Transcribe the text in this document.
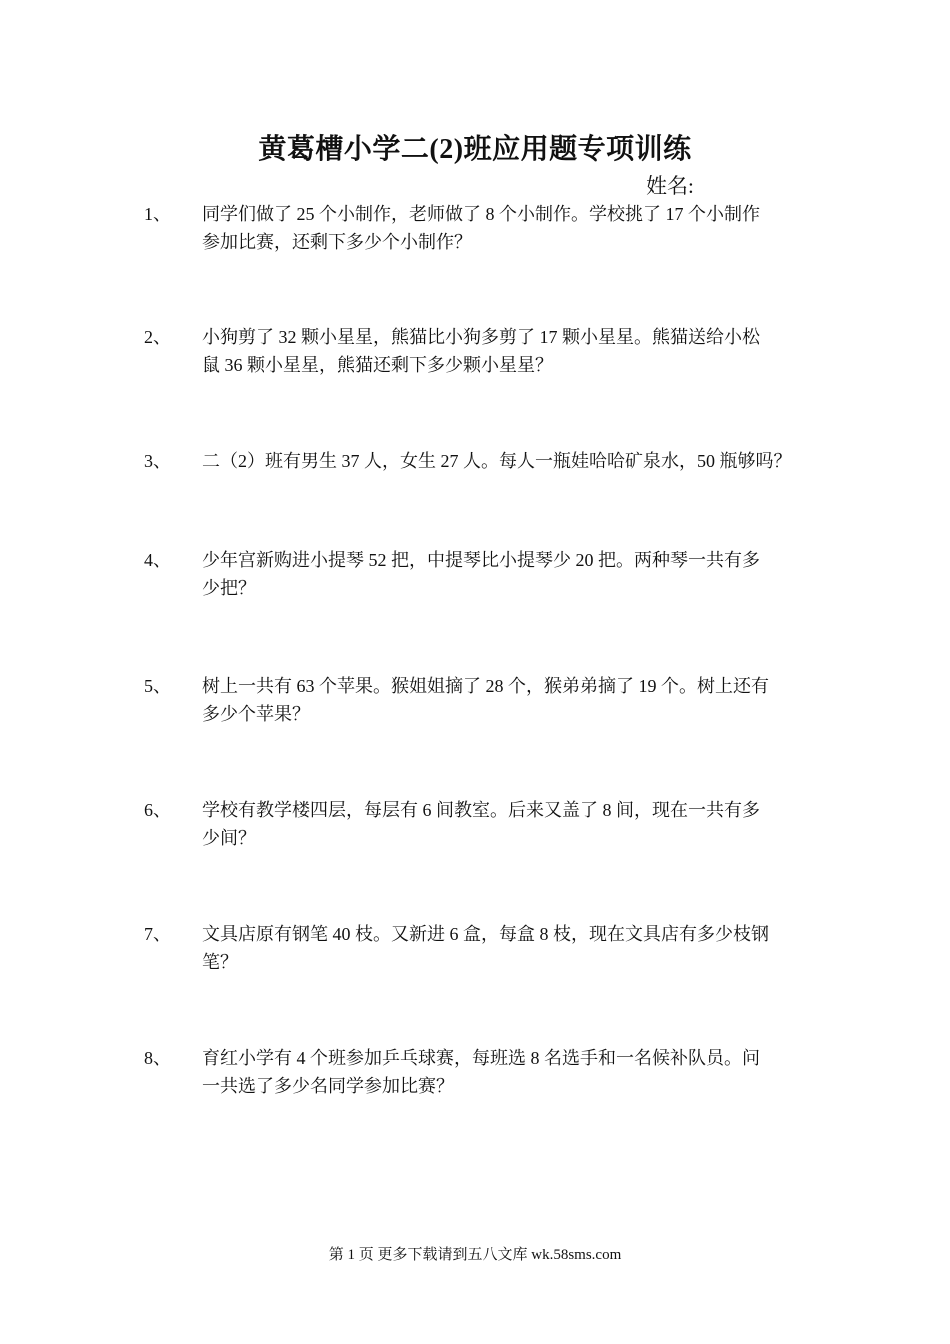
黄葛槽小学二(2)班应用题专项训练
姓名:
1、 同学们做了 25 个小制作，老师做了 8 个小制作。学校挑了 17 个小制作
参加比赛，还剩下多少个小制作？

2、 小狗剪了 32 颗小星星，熊猫比小狗多剪了 17 颗小星星。熊猫送给小松
鼠 36 颗小星星，熊猫还剩下多少颗小星星？

3、 二（2）班有男生 37 人，女生 27 人。每人一瓶娃哈哈矿泉水，50 瓶够吗？

4、 少年宫新购进小提琴 52 把，中提琴比小提琴少 20 把。两种琴一共有多
少把？

5、 树上一共有 63 个苹果。猴姐姐摘了 28 个，猴弟弟摘了 19 个。树上还有
多少个苹果？

6、 学校有教学楼四层，每层有 6 间教室。后来又盖了 8 间，现在一共有多
少间？

7、 文具店原有钢笔 40 枝。又新进 6 盒，每盒 8 枝，现在文具店有多少枝钢
笔？

8、 育红小学有 4 个班参加乒乓球赛，每班选 8 名选手和一名候补队员。问
一共选了多少名同学参加比赛？

第 1 页 更多下载请到五八文库 wk.58sms.com
